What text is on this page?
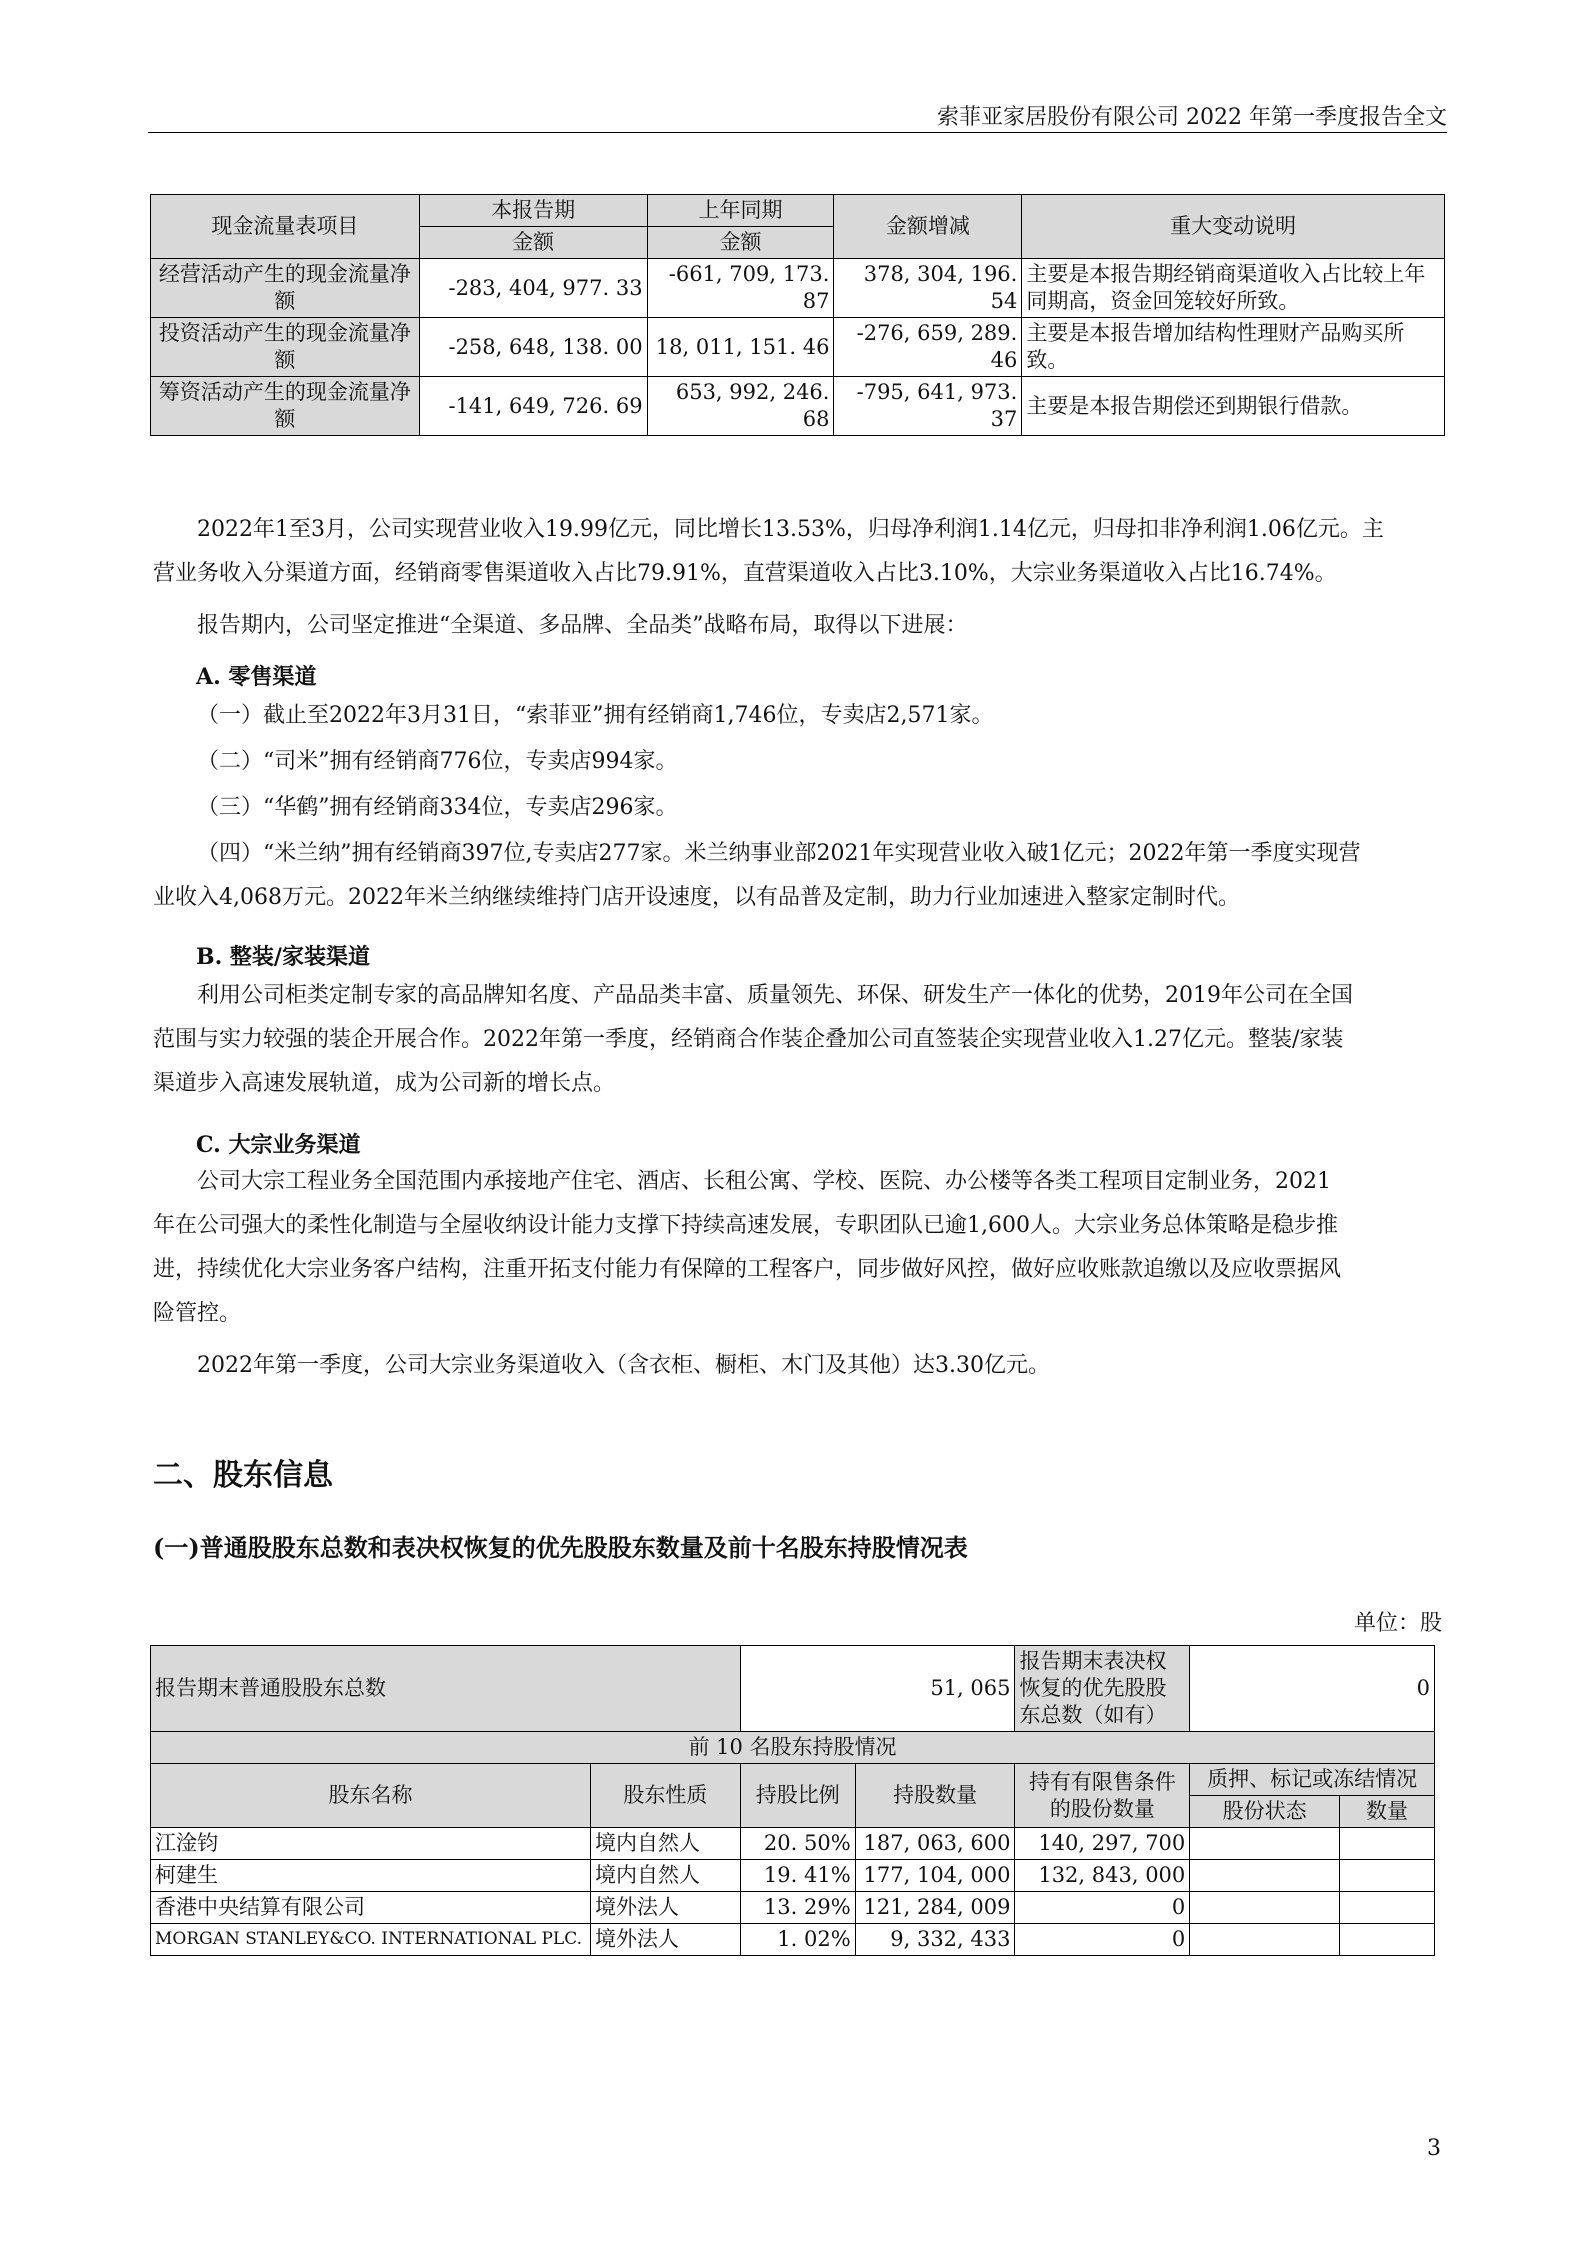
索菲亚家居股份有限公司 2022 年第一季度报告全文
现金流量表项目	本报告期	上年同期	金额增减	重大变动说明
	金额	金额		
经营活动产生的现金流量净额	-283, 404, 977. 33	-661, 709, 173. 87	378, 304, 196. 54	主要是本报告期经销商渠道收入占比较上年同期高，资金回笼较好所致。
投资活动产生的现金流量净额	-258, 648, 138. 00	18, 011, 151. 46	-276, 659, 289. 46	主要是本报告增加结构性理财产品购买所致。
筹资活动产生的现金流量净额	-141, 649, 726. 69	653, 992, 246. 68	-795, 641, 973. 37	主要是本报告期偿还到期银行借款。
2022年1至3月，公司实现营业收入19.99亿元，同比增长13.53%，归母净利润1.14亿元，归母扣非净利润1.06亿元。主
营业务收入分渠道方面，经销商零售渠道收入占比79.91%，直营渠道收入占比3.10%，大宗业务渠道收入占比16.74%。
报告期内，公司坚定推进“全渠道、多品牌、全品类”战略布局，取得以下进展：
A. 零售渠道
（一）截止至2022年3月31日，“索菲亚”拥有经销商1,746位，专卖店2,571家。
（二）“司米”拥有经销商776位，专卖店994家。
（三）“华鹤”拥有经销商334位，专卖店296家。
（四）“米兰纳”拥有经销商397位,专卖店277家。米兰纳事业部2021年实现营业收入破1亿元；2022年第一季度实现营
业收入4,068万元。2022年米兰纳继续维持门店开设速度，以有品普及定制，助力行业加速进入整家定制时代。
B. 整装/家装渠道
利用公司柜类定制专家的高品牌知名度、产品品类丰富、质量领先、环保、研发生产一体化的优势，2019年公司在全国
范围与实力较强的装企开展合作。2022年第一季度，经销商合作装企叠加公司直签装企实现营业收入1.27亿元。整装/家装
渠道步入高速发展轨道，成为公司新的增长点。
C. 大宗业务渠道
公司大宗工程业务全国范围内承接地产住宅、酒店、长租公寓、学校、医院、办公楼等各类工程项目定制业务，2021
年在公司强大的柔性化制造与全屋收纳设计能力支撑下持续高速发展，专职团队已逾1,600人。大宗业务总体策略是稳步推
进，持续优化大宗业务客户结构，注重开拓支付能力有保障的工程客户，同步做好风控，做好应收账款追缴以及应收票据风
险管控。
2022年第一季度，公司大宗业务渠道收入（含衣柜、橱柜、木门及其他）达3.30亿元。
二、股东信息
(一)普通股股东总数和表决权恢复的优先股股东数量及前十名股东持股情况表
单位：股
报告期末普通股股东总数		51, 065		报告期末表决权恢复的优先股股东总数（如有）	0	
前 10 名股东持股情况						
股东名称	股东性质	持股比例	持股数量	持有有限售条件的股份数量	质押、标记或冻结情况	
					股份状态	数量
江淦钧	境内自然人	20. 50%	187, 063, 600	140, 297, 700		
柯建生	境内自然人	19. 41%	177, 104, 000	132, 843, 000		
香港中央结算有限公司	境外法人	13. 29%	121, 284, 009	0		
MORGAN STANLEY&CO. INTERNATIONAL PLC.	境外法人	1. 02%	9, 332, 433	0		
3
